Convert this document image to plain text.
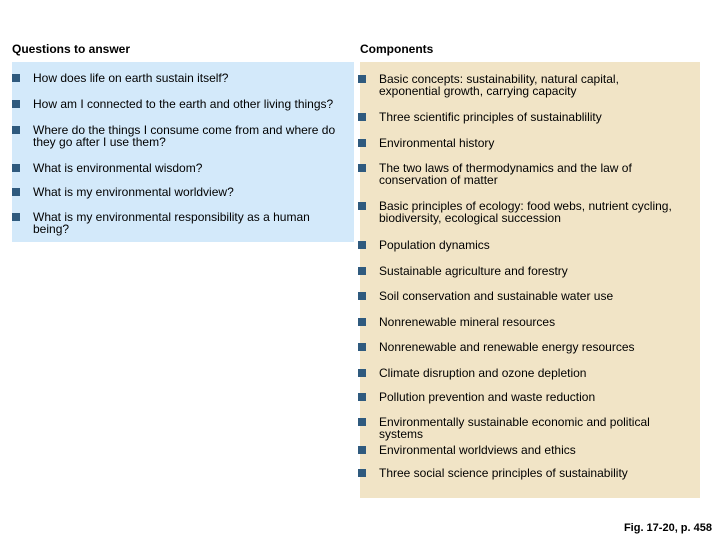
Questions to answer	Components

How does life on earth sustain itself?

How am I connected to the earth and other living things?

Where do the things I consume come from and where do they go after I use them?

What is environmental wisdom?

What is my environmental worldview?

What is my environmental responsibility as a human being?

Basic concepts: sustainability, natural capital, exponential growth, carrying capacity

Three scientific principles of sustainablility

Environmental history

The two laws of thermodynamics and the law of conservation of matter

Basic principles of ecology: food webs, nutrient cycling, biodiversity, ecological succession

Population dynamics

Sustainable agriculture and forestry

Soil conservation and sustainable water use

Nonrenewable mineral resources

Nonrenewable and renewable energy resources

Climate disruption and ozone depletion

Pollution prevention and waste reduction

Environmentally sustainable economic and political systems

Environmental worldviews and ethics

Three social science principles of sustainability

Fig. 17-20, p. 458
